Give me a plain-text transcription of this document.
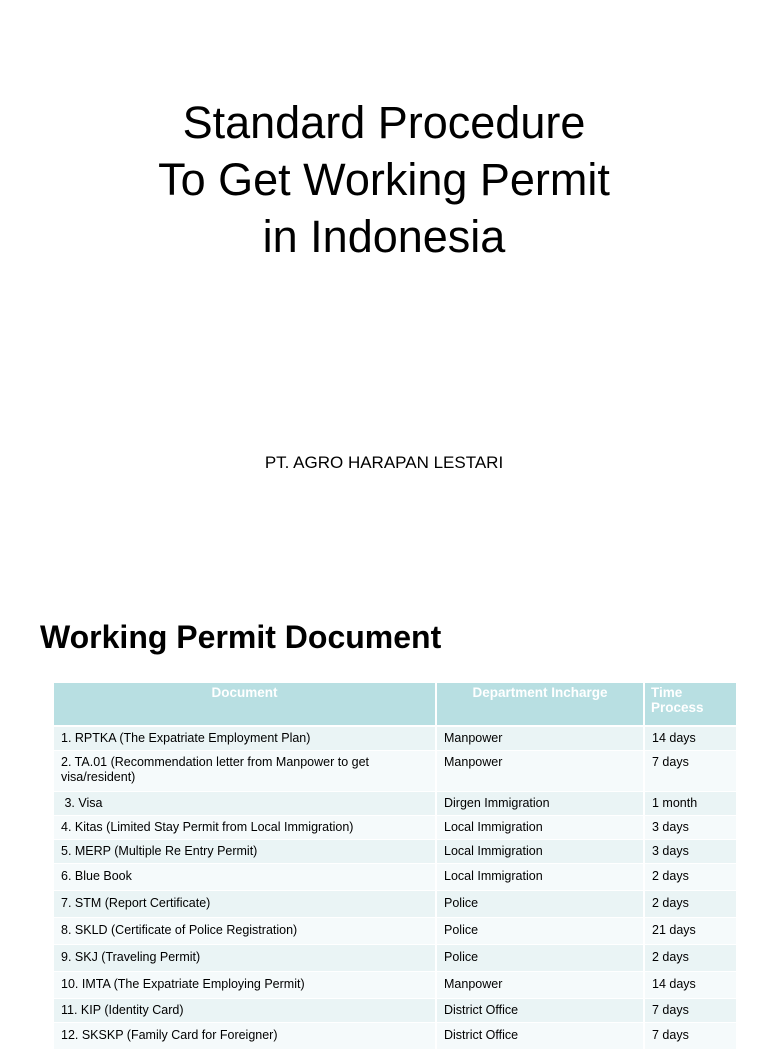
Standard Procedure
To Get Working Permit
in Indonesia
PT. AGRO HARAPAN LESTARI
Working Permit Document
Document	Department Incharge	Time Process
1. RPTKA (The Expatriate Employment Plan)	Manpower	14 days
2. TA.01 (Recommendation letter from Manpower to get visa/resident)	Manpower	7 days
3. Visa	Dirgen Immigration	1 month
4. Kitas (Limited Stay Permit from Local Immigration)	Local Immigration	3 days
5. MERP (Multiple Re Entry Permit)	Local Immigration	3 days
6. Blue Book	Local Immigration	2 days
7. STM (Report Certificate)	Police	2 days
8. SKLD (Certificate of Police Registration)	Police	21 days
9. SKJ (Traveling Permit)	Police	2 days
10. IMTA (The Expatriate Employing Permit)	Manpower	14 days
11. KIP (Identity Card)	District Office	7 days
12. SKSKP (Family Card for Foreigner)	District Office	7 days
